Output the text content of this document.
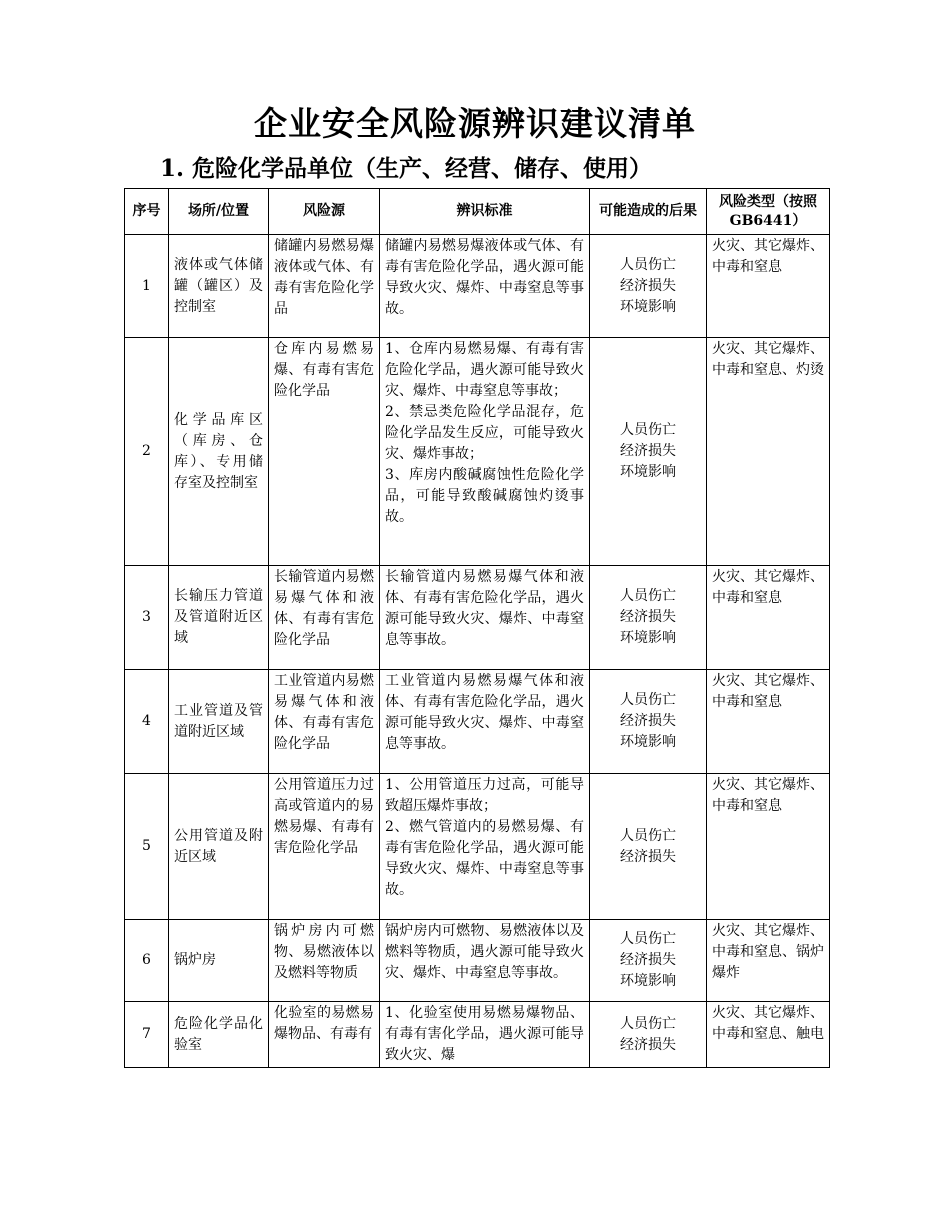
企业安全风险源辨识建议清单
1. 危险化学品单位（生产、经营、储存、使用）
序号	场所/位置	风险源	辨识标准	可能造成的后果	风险类型（按照 GB6441）
1	液体或气体储罐（罐区）及控制室	储罐内易燃易爆液体或气体、有毒有害危险化学品	储罐内易燃易爆液体或气体、有毒有害危险化学品，遇火源可能导致火灾、爆炸、中毒窒息等事故。	人员伤亡
经济损失
环境影响	火灾、其它爆炸、中毒和窒息
2	化学品库区（库房、仓库）、专用储存室及控制室	仓库内易燃易爆、有毒有害危险化学品	1、仓库内易燃易爆、有毒有害危险化学品，遇火源可能导致火灾、爆炸、中毒窒息等事故；
2、禁忌类危险化学品混存，危险化学品发生反应，可能导致火灾、爆炸事故；
3、库房内酸碱腐蚀性危险化学品，可能导致酸碱腐蚀灼烫事故。	人员伤亡
经济损失
环境影响	火灾、其它爆炸、中毒和窒息、灼烫
3	长输压力管道及管道附近区域	长输管道内易燃易爆气体和液体、有毒有害危险化学品	长输管道内易燃易爆气体和液体、有毒有害危险化学品，遇火源可能导致火灾、爆炸、中毒窒息等事故。	人员伤亡
经济损失
环境影响	火灾、其它爆炸、中毒和窒息
4	工业管道及管道附近区域	工业管道内易燃易爆气体和液体、有毒有害危险化学品	工业管道内易燃易爆气体和液体、有毒有害危险化学品，遇火源可能导致火灾、爆炸、中毒窒息等事故。	人员伤亡
经济损失
环境影响	火灾、其它爆炸、中毒和窒息
5	公用管道及附近区域	公用管道压力过高或管道内的易燃易爆、有毒有害危险化学品	1、公用管道压力过高，可能导致超压爆炸事故；
2、燃气管道内的易燃易爆、有毒有害危险化学品，遇火源可能导致火灾、爆炸、中毒窒息等事故。	人员伤亡
经济损失	火灾、其它爆炸、中毒和窒息
6	锅炉房	锅炉房内可燃物、易燃液体以及燃料等物质	锅炉房内可燃物、易燃液体以及燃料等物质，遇火源可能导致火灾、爆炸、中毒窒息等事故。	人员伤亡
经济损失
环境影响	火灾、其它爆炸、中毒和窒息、锅炉爆炸
7	危险化学品化验室	化验室的易燃易爆物品、有毒有	1、化验室使用易燃易爆物品、有毒有害化学品，遇火源可能导致火灾、爆	人员伤亡
经济损失	火灾、其它爆炸、中毒和窒息、触电
